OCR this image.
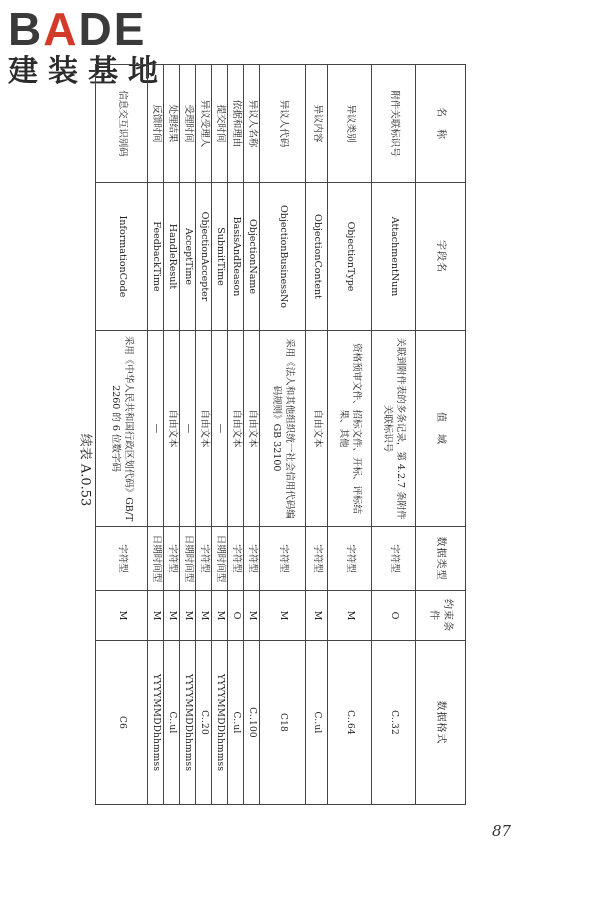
BADE
建装基地
续表 A.0.53
名　称	字段名	值　域	数据类型	约束条件	数据格式
附件关联标识号	AttachmentNum	关联到附件表的多条记录，第 4.2.7 条附件关联标识号	字符型	O	C..32
异议类别	ObjectionType	资格预审文件、招标文件、开标、评标结果、其他	字符型	M	C..64
异议内容	ObjectionContent	自由文本	字符型	M	C..ul
异议人代码	ObjectionBusinessNo	采用《法人和其他组织统一社会信用代码编码规则》GB 32100	字符型	M	C18
异议人名称	ObjectionName	自由文本	字符型	M	C..100
依据和理由	BasisAndReason	自由文本	字符型	O	C..ul
提交时间	SubmitTime	—	日期时间型	M	YYYYMMDDhhmmss
异议受理人	ObjectionAccepter	自由文本	字符型	M	C..20
受理时间	AcceptTime	—	日期时间型	M	YYYYMMDDhhmmss
处理结果	HandleResult	自由文本	字符型	M	C..ul
反馈时间	FeedbackTime	—	日期时间型	M	YYYYMMDDhhmmss
信息交互识别码	InformationCode	采用《中华人民共和国行政区划代码》GB/T 2260 的 6 位数字码	字符型	M	C6
87
